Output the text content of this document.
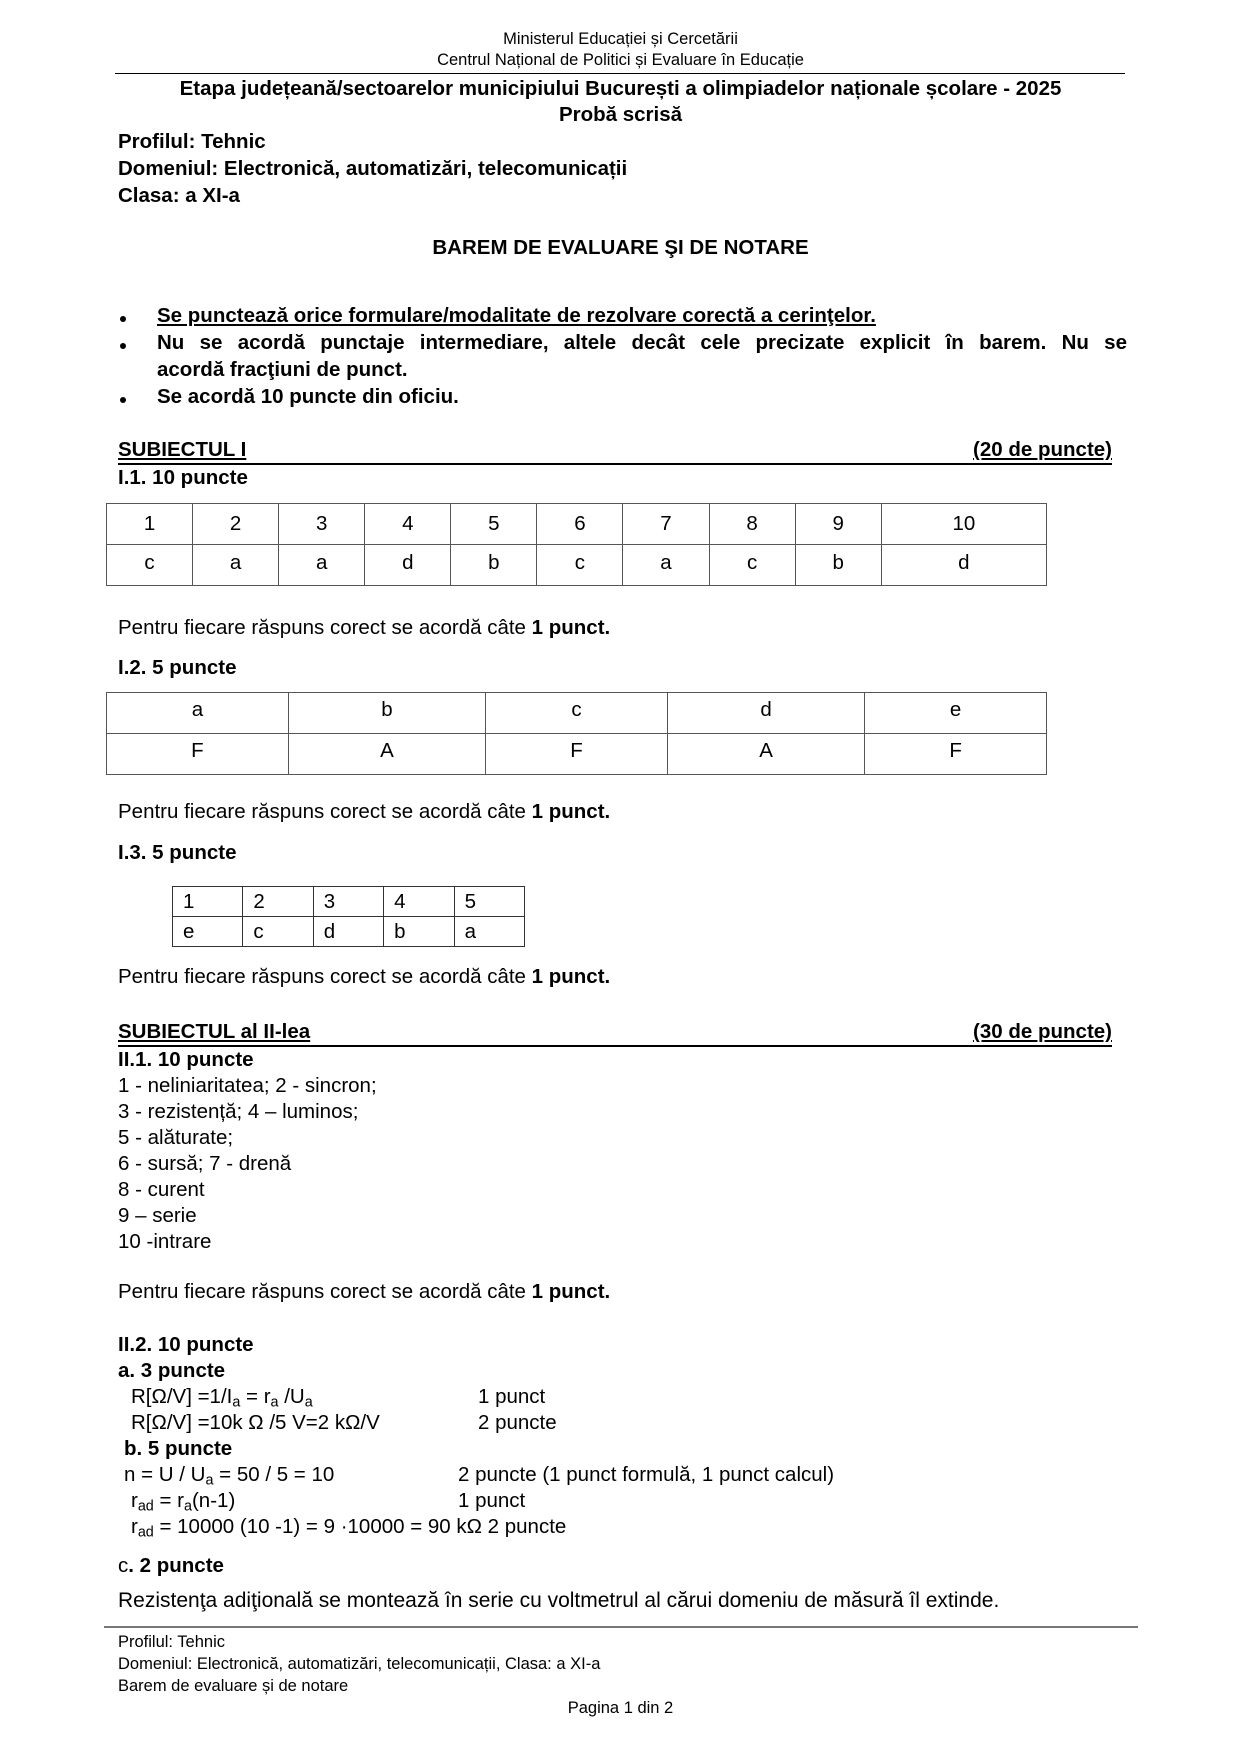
Ministerul Educației și Cercetării
Centrul Național de Politici și Evaluare în Educație
Etapa județeană/sectoarelor municipiului București a olimpiadelor naționale școlare - 2025
Probă scrisă
Profilul: Tehnic
Domeniul: Electronică, automatizări, telecomunicații
Clasa: a XI-a
BAREM DE EVALUARE ŞI DE NOTARE
Se punctează orice formulare/modalitate de rezolvare corectă a cerinţelor.
Nu se acordă punctaje intermediare, altele decât cele precizate explicit în barem. Nu se
acordă fracţiuni de punct.
Se acordă 10 puncte din oficiu.
SUBIECTUL I	(20 de puncte)
I.1. 10 puncte
1	2	3	4	5	6	7	8	9	10
c	a	a	d	b	c	a	c	b	d
Pentru fiecare răspuns corect se acordă câte 1 punct.
I.2. 5 puncte
a	b	c	d	e
F	A	F	A	F
Pentru fiecare răspuns corect se acordă câte 1 punct.
I.3. 5 puncte
1	2	3	4	5
e	c	d	b	a
Pentru fiecare răspuns corect se acordă câte 1 punct.
SUBIECTUL al II-lea	(30 de puncte)
II.1. 10 puncte
1 - neliniaritatea; 2 - sincron;
3 - rezistență; 4 – luminos;
5 - alăturate;
6 - sursă; 7 - drenă
8 - curent
9 – serie
10 -intrare
Pentru fiecare răspuns corect se acordă câte 1 punct.
II.2. 10 puncte
a. 3 puncte
$R[\Omega/V] =1/I_a = r_a$ $/U_a$	1 punct
R[Ω/V] =10k Ω /5 V=2 kΩ/V	2 puncte
b. 5 puncte
$n = U / U_a = 50 / 5 = 10$	2 puncte (1 punct formulă, 1 punct calcul)
$r_{ad} = r_a(n-1)$	1 punct
$r_{ad} = 10000$ (10 -1) = 9 ·10000 = 90 kΩ 2 puncte
c. 2 puncte
Rezistenţa adiţională se montează în serie cu voltmetrul al cărui domeniu de măsură îl extinde.
Profilul: Tehnic
Domeniul: Electronică, automatizări, telecomunicații, Clasa: a XI-a
Barem de evaluare și de notare
Pagina 1 din 2
